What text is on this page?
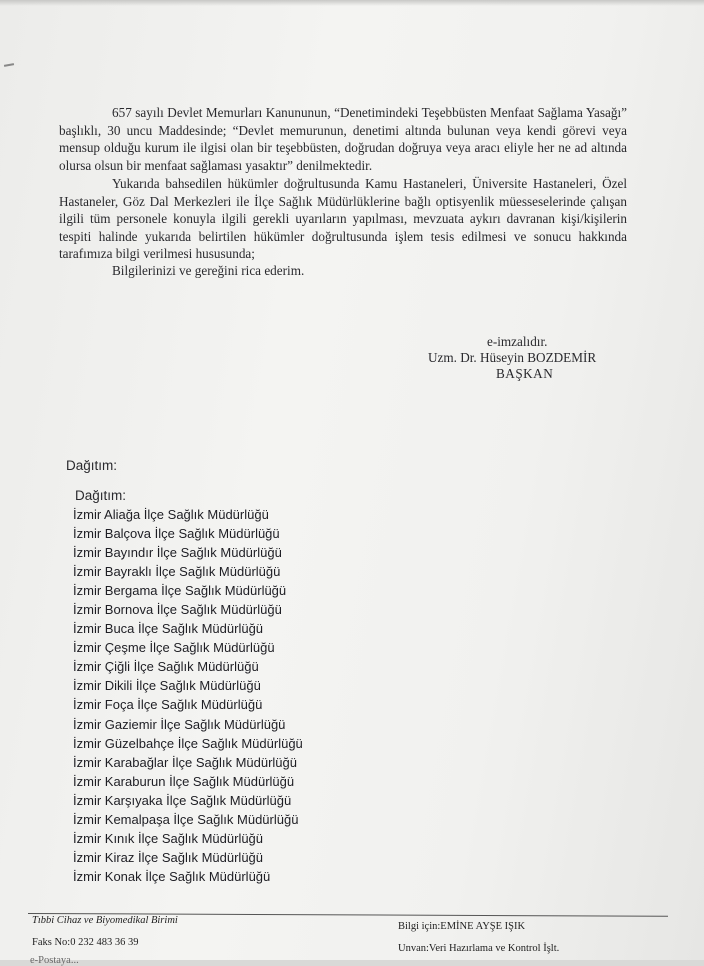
657 sayılı Devlet Memurları Kanununun, “Denetimindeki Teşebbüsten Menfaat Sağlama Yasağı” başlıklı, 30 uncu Maddesinde; “Devlet memurunun, denetimi altında bulunan veya kendi görevi veya mensup olduğu kurum ile ilgisi olan bir teşebbüsten, doğrudan doğruya veya aracı eliyle her ne ad altında olursa olsun bir menfaat sağlaması yasaktır” denilmektedir.

Yukarıda bahsedilen hükümler doğrultusunda Kamu Hastaneleri, Üniversite Hastaneleri, Özel Hastaneler, Göz Dal Merkezleri ile İlçe Sağlık Müdürlüklerine bağlı optisyenlik müesseselerinde çalışan ilgili tüm personele konuyla ilgili gerekli uyarıların yapılması, mevzuata aykırı davranan kişi/kişilerin tespiti halinde yukarıda belirtilen hükümler doğrultusunda işlem tesis edilmesi ve sonucu hakkında tarafımıza bilgi verilmesi hususunda;

Bilgilerinizi ve gereğini rica ederim.

e-imzalıdır.
Uzm. Dr. Hüseyin BOZDEMİR
BAŞKAN
Dağıtım:
Dağıtım:
İzmir Aliağa İlçe Sağlık Müdürlüğü
İzmir Balçova İlçe Sağlık Müdürlüğü
İzmir Bayındır İlçe Sağlık Müdürlüğü
İzmir Bayraklı İlçe Sağlık Müdürlüğü
İzmir Bergama İlçe Sağlık Müdürlüğü
İzmir Bornova İlçe Sağlık Müdürlüğü
İzmir Buca İlçe Sağlık Müdürlüğü
İzmir Çeşme İlçe Sağlık Müdürlüğü
İzmir Çiğli İlçe Sağlık Müdürlüğü
İzmir Dikili İlçe Sağlık Müdürlüğü
İzmir Foça İlçe Sağlık Müdürlüğü
İzmir Gaziemir İlçe Sağlık Müdürlüğü
İzmir Güzelbahçe İlçe Sağlık Müdürlüğü
İzmir Karabağlar İlçe Sağlık Müdürlüğü
İzmir Karaburun İlçe Sağlık Müdürlüğü
İzmir Karşıyaka İlçe Sağlık Müdürlüğü
İzmir Kemalpaşa İlçe Sağlık Müdürlüğü
İzmir Kınık İlçe Sağlık Müdürlüğü
İzmir Kiraz İlçe Sağlık Müdürlüğü
İzmir Konak İlçe Sağlık Müdürlüğü
Tıbbi Cihaz ve Biyomedikal Birimi
Faks No:0 232 483 36 39
Bilgi için:EMİNE AYŞE IŞIK
Unvan:Veri Hazırlama ve Kontrol İşlt.
e-Postaya...
